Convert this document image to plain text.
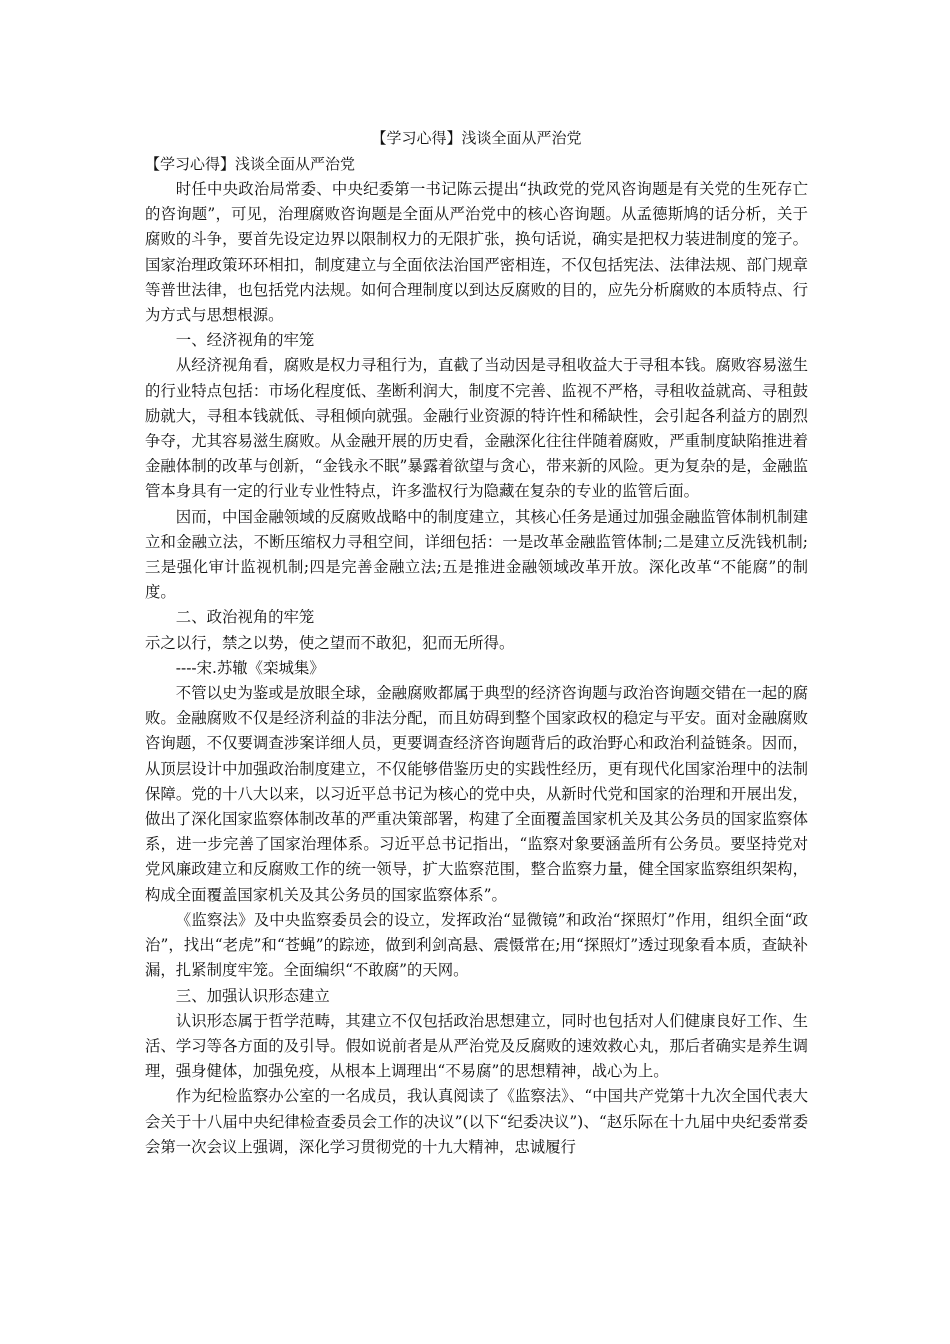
【学习心得】浅谈全面从严治党
【学习心得】浅谈全面从严治党

时任中央政治局常委、中央纪委第一书记陈云提出“执政党的党风咨询题是有关党的生死存亡的咨询题”，可见，治理腐败咨询题是全面从严治党中的核心咨询题。从孟德斯鸠的话分析，关于腐败的斗争，要首先设定边界以限制权力的无限扩张，换句话说，确实是把权力装进制度的笼子。国家治理政策环环相扣，制度建立与全面依法治国严密相连，不仅包括宪法、法律法规、部门规章等普世法律，也包括党内法规。如何合理制度以到达反腐败的目的，应先分析腐败的本质特点、行为方式与思想根源。

一、经济视角的牢笼

从经济视角看，腐败是权力寻租行为，直截了当动因是寻租收益大于寻租本钱。腐败容易滋生的行业特点包括：市场化程度低、垄断利润大，制度不完善、监视不严格，寻租收益就高、寻租鼓励就大，寻租本钱就低、寻租倾向就强。金融行业资源的特许性和稀缺性，会引起各利益方的剧烈争夺，尤其容易滋生腐败。从金融开展的历史看，金融深化往往伴随着腐败，严重制度缺陷推进着金融体制的改革与创新，“金钱永不眠”暴露着欲望与贪心，带来新的风险。更为复杂的是，金融监管本身具有一定的行业专业性特点，许多滥权行为隐藏在复杂的专业的监管后面。

因而，中国金融领域的反腐败战略中的制度建立，其核心任务是通过加强金融监管体制机制建立和金融立法，不断压缩权力寻租空间，详细包括：一是改革金融监管体制;二是建立反洗钱机制;三是强化审计监视机制;四是完善金融立法;五是推进金融领域改革开放。深化改革“不能腐”的制度。

二、政治视角的牢笼

示之以行，禁之以势，使之望而不敢犯，犯而无所得。

----宋.苏辙《栾城集》

不管以史为鉴或是放眼全球，金融腐败都属于典型的经济咨询题与政治咨询题交错在一起的腐败。金融腐败不仅是经济利益的非法分配，而且妨碍到整个国家政权的稳定与平安。面对金融腐败咨询题，不仅要调查涉案详细人员，更要调查经济咨询题背后的政治野心和政治利益链条。因而，从顶层设计中加强政治制度建立，不仅能够借鉴历史的实践性经历，更有现代化国家治理中的法制保障。党的十八大以来，以习近平总书记为核心的党中央，从新时代党和国家的治理和开展出发，做出了深化国家监察体制改革的严重决策部署，构建了全面覆盖国家机关及其公务员的国家监察体系，进一步完善了国家治理体系。习近平总书记指出，“监察对象要涵盖所有公务员。要坚持党对党风廉政建立和反腐败工作的统一领导，扩大监察范围，整合监察力量，健全国家监察组织架构，构成全面覆盖国家机关及其公务员的国家监察体系”。

《监察法》及中央监察委员会的设立，发挥政治“显微镜”和政治“探照灯”作用，组织全面“政治”，找出“老虎”和“苍蝇”的踪迹，做到利剑高悬、震慑常在;用“探照灯”透过现象看本质，查缺补漏，扎紧制度牢笼。全面编织“不敢腐”的天网。

三、加强认识形态建立

认识形态属于哲学范畴，其建立不仅包括政治思想建立，同时也包括对人们健康良好工作、生活、学习等各方面的及引导。假如说前者是从严治党及反腐败的速效救心丸，那后者确实是养生调理，强身健体，加强免疫，从根本上调理出“不易腐”的思想精神，战心为上。

作为纪检监察办公室的一名成员，我认真阅读了《监察法》、“中国共产党第十九次全国代表大会关于十八届中央纪律检查委员会工作的决议”(以下“纪委决议”)、“赵乐际在十九届中央纪委常委会第一次会议上强调，深化学习贯彻党的十九大精神，忠诚履行
